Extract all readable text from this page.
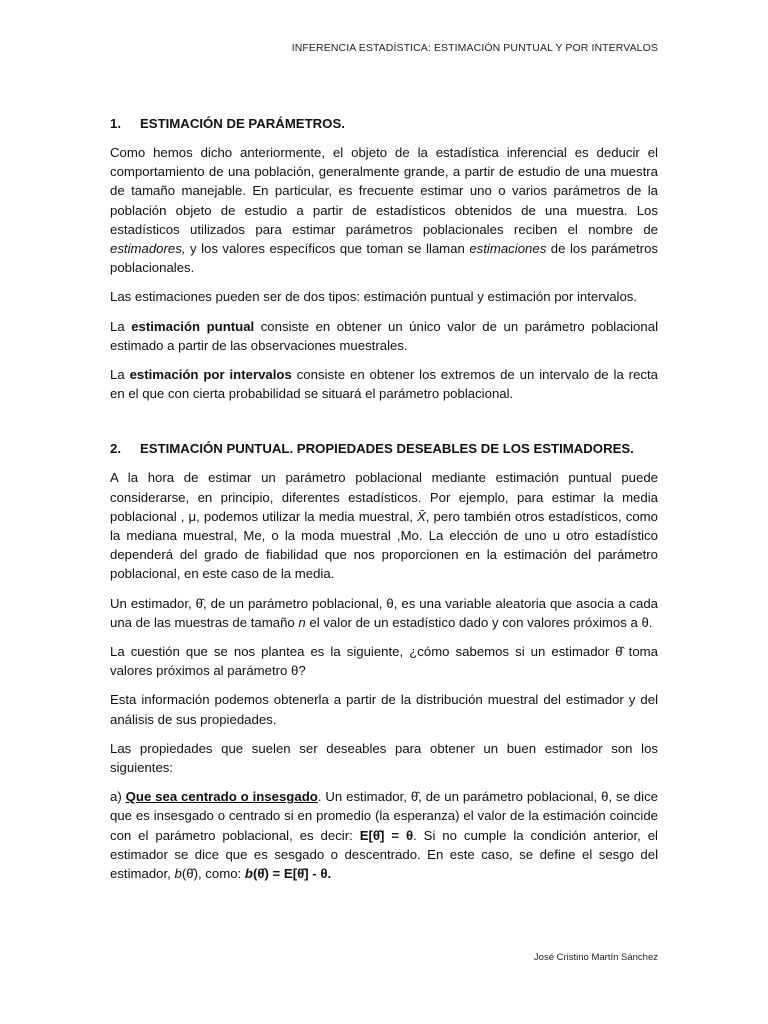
INFERENCIA ESTADÍSTICA: ESTIMACIÓN PUNTUAL Y POR INTERVALOS
1. ESTIMACIÓN DE PARÁMETROS.

Como hemos dicho anteriormente, el objeto de la estadística inferencial es deducir el comportamiento de una población, generalmente grande, a partir de estudio de una muestra de tamaño manejable. En particular, es frecuente estimar uno o varios parámetros de la población objeto de estudio a partir de estadísticos obtenidos de una muestra. Los estadísticos utilizados para estimar parámetros poblacionales reciben el nombre de estimadores, y los valores específicos que toman se llaman estimaciones de los parámetros poblacionales.

Las estimaciones pueden ser de dos tipos: estimación puntual y estimación por intervalos.

La estimación puntual consiste en obtener un único valor de un parámetro poblacional estimado a partir de las observaciones muestrales.

La estimación por intervalos consiste en obtener los extremos de un intervalo de la recta en el que con cierta probabilidad se situará el parámetro poblacional.

2. ESTIMACIÓN PUNTUAL. PROPIEDADES DESEABLES DE LOS ESTIMADORES.

A la hora de estimar un parámetro poblacional mediante estimación puntual puede considerarse, en principio, diferentes estadísticos. Por ejemplo, para estimar la media poblacional , μ, podemos utilizar la media muestral, X̄, pero también otros estadísticos, como la mediana muestral, Me, o la moda muestral ,Mo. La elección de uno u otro estadístico dependerá del grado de fiabilidad que nos proporcionen en la estimación del parámetro poblacional, en este caso de la media.

Un estimador, θ̂, de un parámetro poblacional, θ, es una variable aleatoria que asocia a cada una de las muestras de tamaño n el valor de un estadístico dado y con valores próximos a θ.

La cuestión que se nos plantea es la siguiente, ¿cómo sabemos si un estimador θ̂ toma valores próximos al parámetro θ?

Esta información podemos obtenerla a partir de la distribución muestral del estimador y del análisis de sus propiedades.

Las propiedades que suelen ser deseables para obtener un buen estimador son los siguientes:

a) Que sea centrado o insesgado. Un estimador, θ̂, de un parámetro poblacional, θ, se dice que es insesgado o centrado si en promedio (la esperanza) el valor de la estimación coincide con el parámetro poblacional, es decir: E[θ̂] = θ. Si no cumple la condición anterior, el estimador se dice que es sesgado o descentrado. En este caso, se define el sesgo del estimador, b(θ̂), como: b(θ̂) = E[θ̂] - θ.

José Cristino Martín Sánchez
